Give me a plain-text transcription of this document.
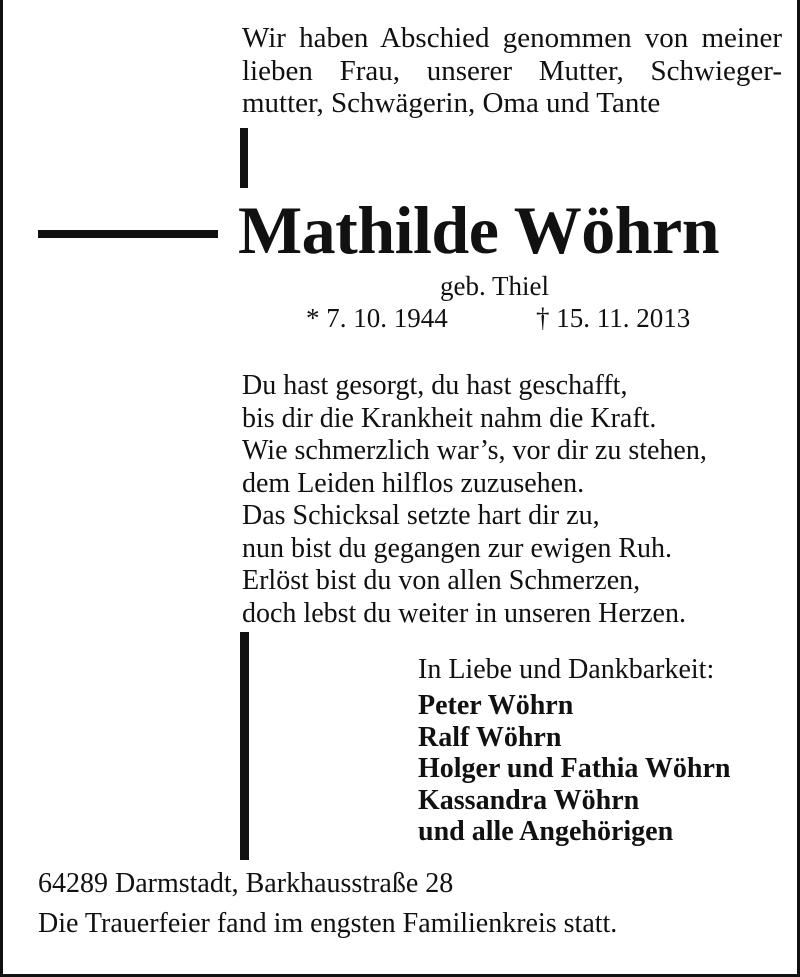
Wir haben Abschied genommen von meiner
lieben Frau, unserer Mutter, Schwieger-
mutter, Schwägerin, Oma und Tante

Mathilde Wöhrn
geb. Thiel
* 7. 10. 1944	† 15. 11. 2013
Du hast gesorgt, du hast geschafft,
bis dir die Krankheit nahm die Kraft.
Wie schmerzlich war’s, vor dir zu stehen,
dem Leiden hilflos zuzusehen.
Das Schicksal setzte hart dir zu,
nun bist du gegangen zur ewigen Ruh.
Erlöst bist du von allen Schmerzen,
doch lebst du weiter in unseren Herzen.
In Liebe und Dankbarkeit:
Peter Wöhrn
Ralf Wöhrn
Holger und Fathia Wöhrn
Kassandra Wöhrn
und alle Angehörigen
64289 Darmstadt, Barkhausstraße 28
Die Trauerfeier fand im engsten Familienkreis statt.
